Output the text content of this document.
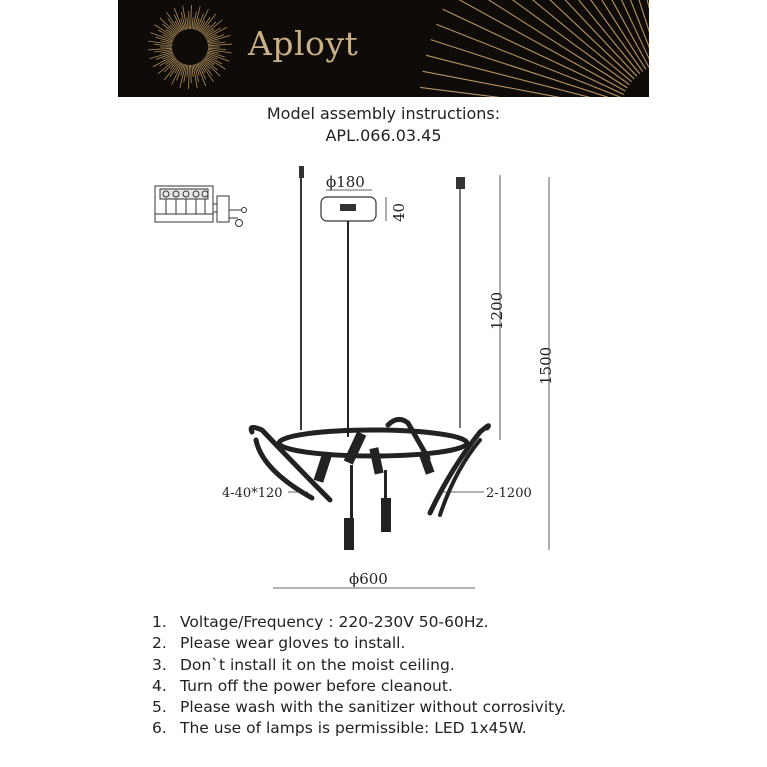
Aployt
Model assembly instructions:
APL.066.03.45
ϕ180
40
1200
1500
4-40*120	2-1200
ϕ600
1. Voltage/Frequency : 220-230V 50-60Hz.
2. Please wear gloves to install.
3. Don`t install it on the moist ceiling.
4. Turn off the power before cleanout.
5. Please wash with the sanitizer without corrosivity.
6. The use of lamps is permissible: LED 1x45W.
